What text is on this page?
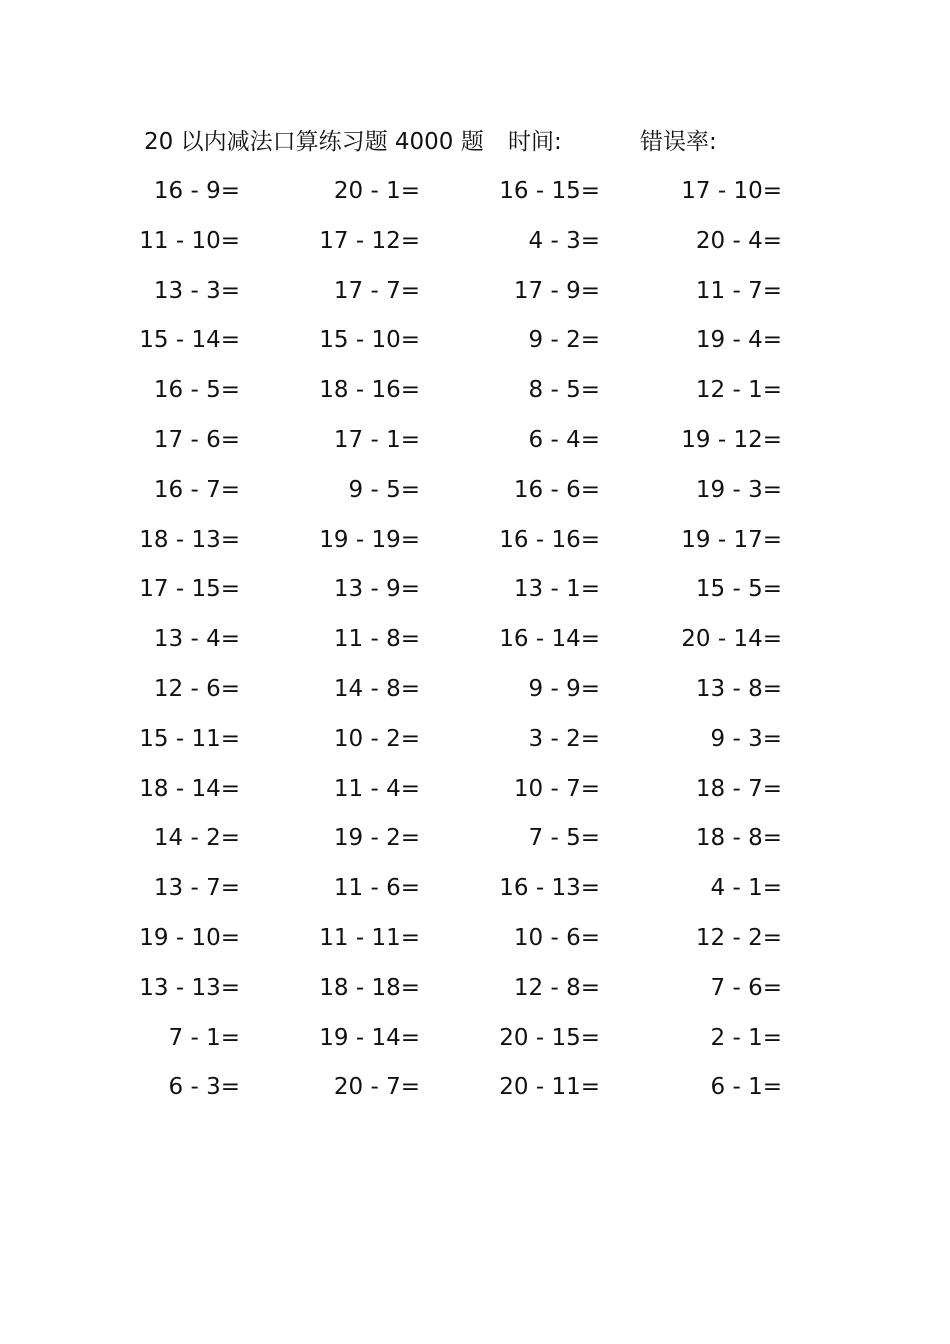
20 以内减法口算练习题 4000 题 时间:	错误率:
16 - 9=	20 - 1=	16 - 15=	17 - 10=
11 - 10=	17 - 12=	4 - 3=	20 - 4=
13 - 3=	17 - 7=	17 - 9=	11 - 7=
15 - 14=	15 - 10=	9 - 2=	19 - 4=
16 - 5=	18 - 16=	8 - 5=	12 - 1=
17 - 6=	17 - 1=	6 - 4=	19 - 12=
16 - 7=	9 - 5=	16 - 6=	19 - 3=
18 - 13=	19 - 19=	16 - 16=	19 - 17=
17 - 15=	13 - 9=	13 - 1=	15 - 5=
13 - 4=	11 - 8=	16 - 14=	20 - 14=
12 - 6=	14 - 8=	9 - 9=	13 - 8=
15 - 11=	10 - 2=	3 - 2=	9 - 3=
18 - 14=	11 - 4=	10 - 7=	18 - 7=
14 - 2=	19 - 2=	7 - 5=	18 - 8=
13 - 7=	11 - 6=	16 - 13=	4 - 1=
19 - 10=	11 - 11=	10 - 6=	12 - 2=
13 - 13=	18 - 18=	12 - 8=	7 - 6=
7 - 1=	19 - 14=	20 - 15=	2 - 1=
6 - 3=	20 - 7=	20 - 11=	6 - 1=
